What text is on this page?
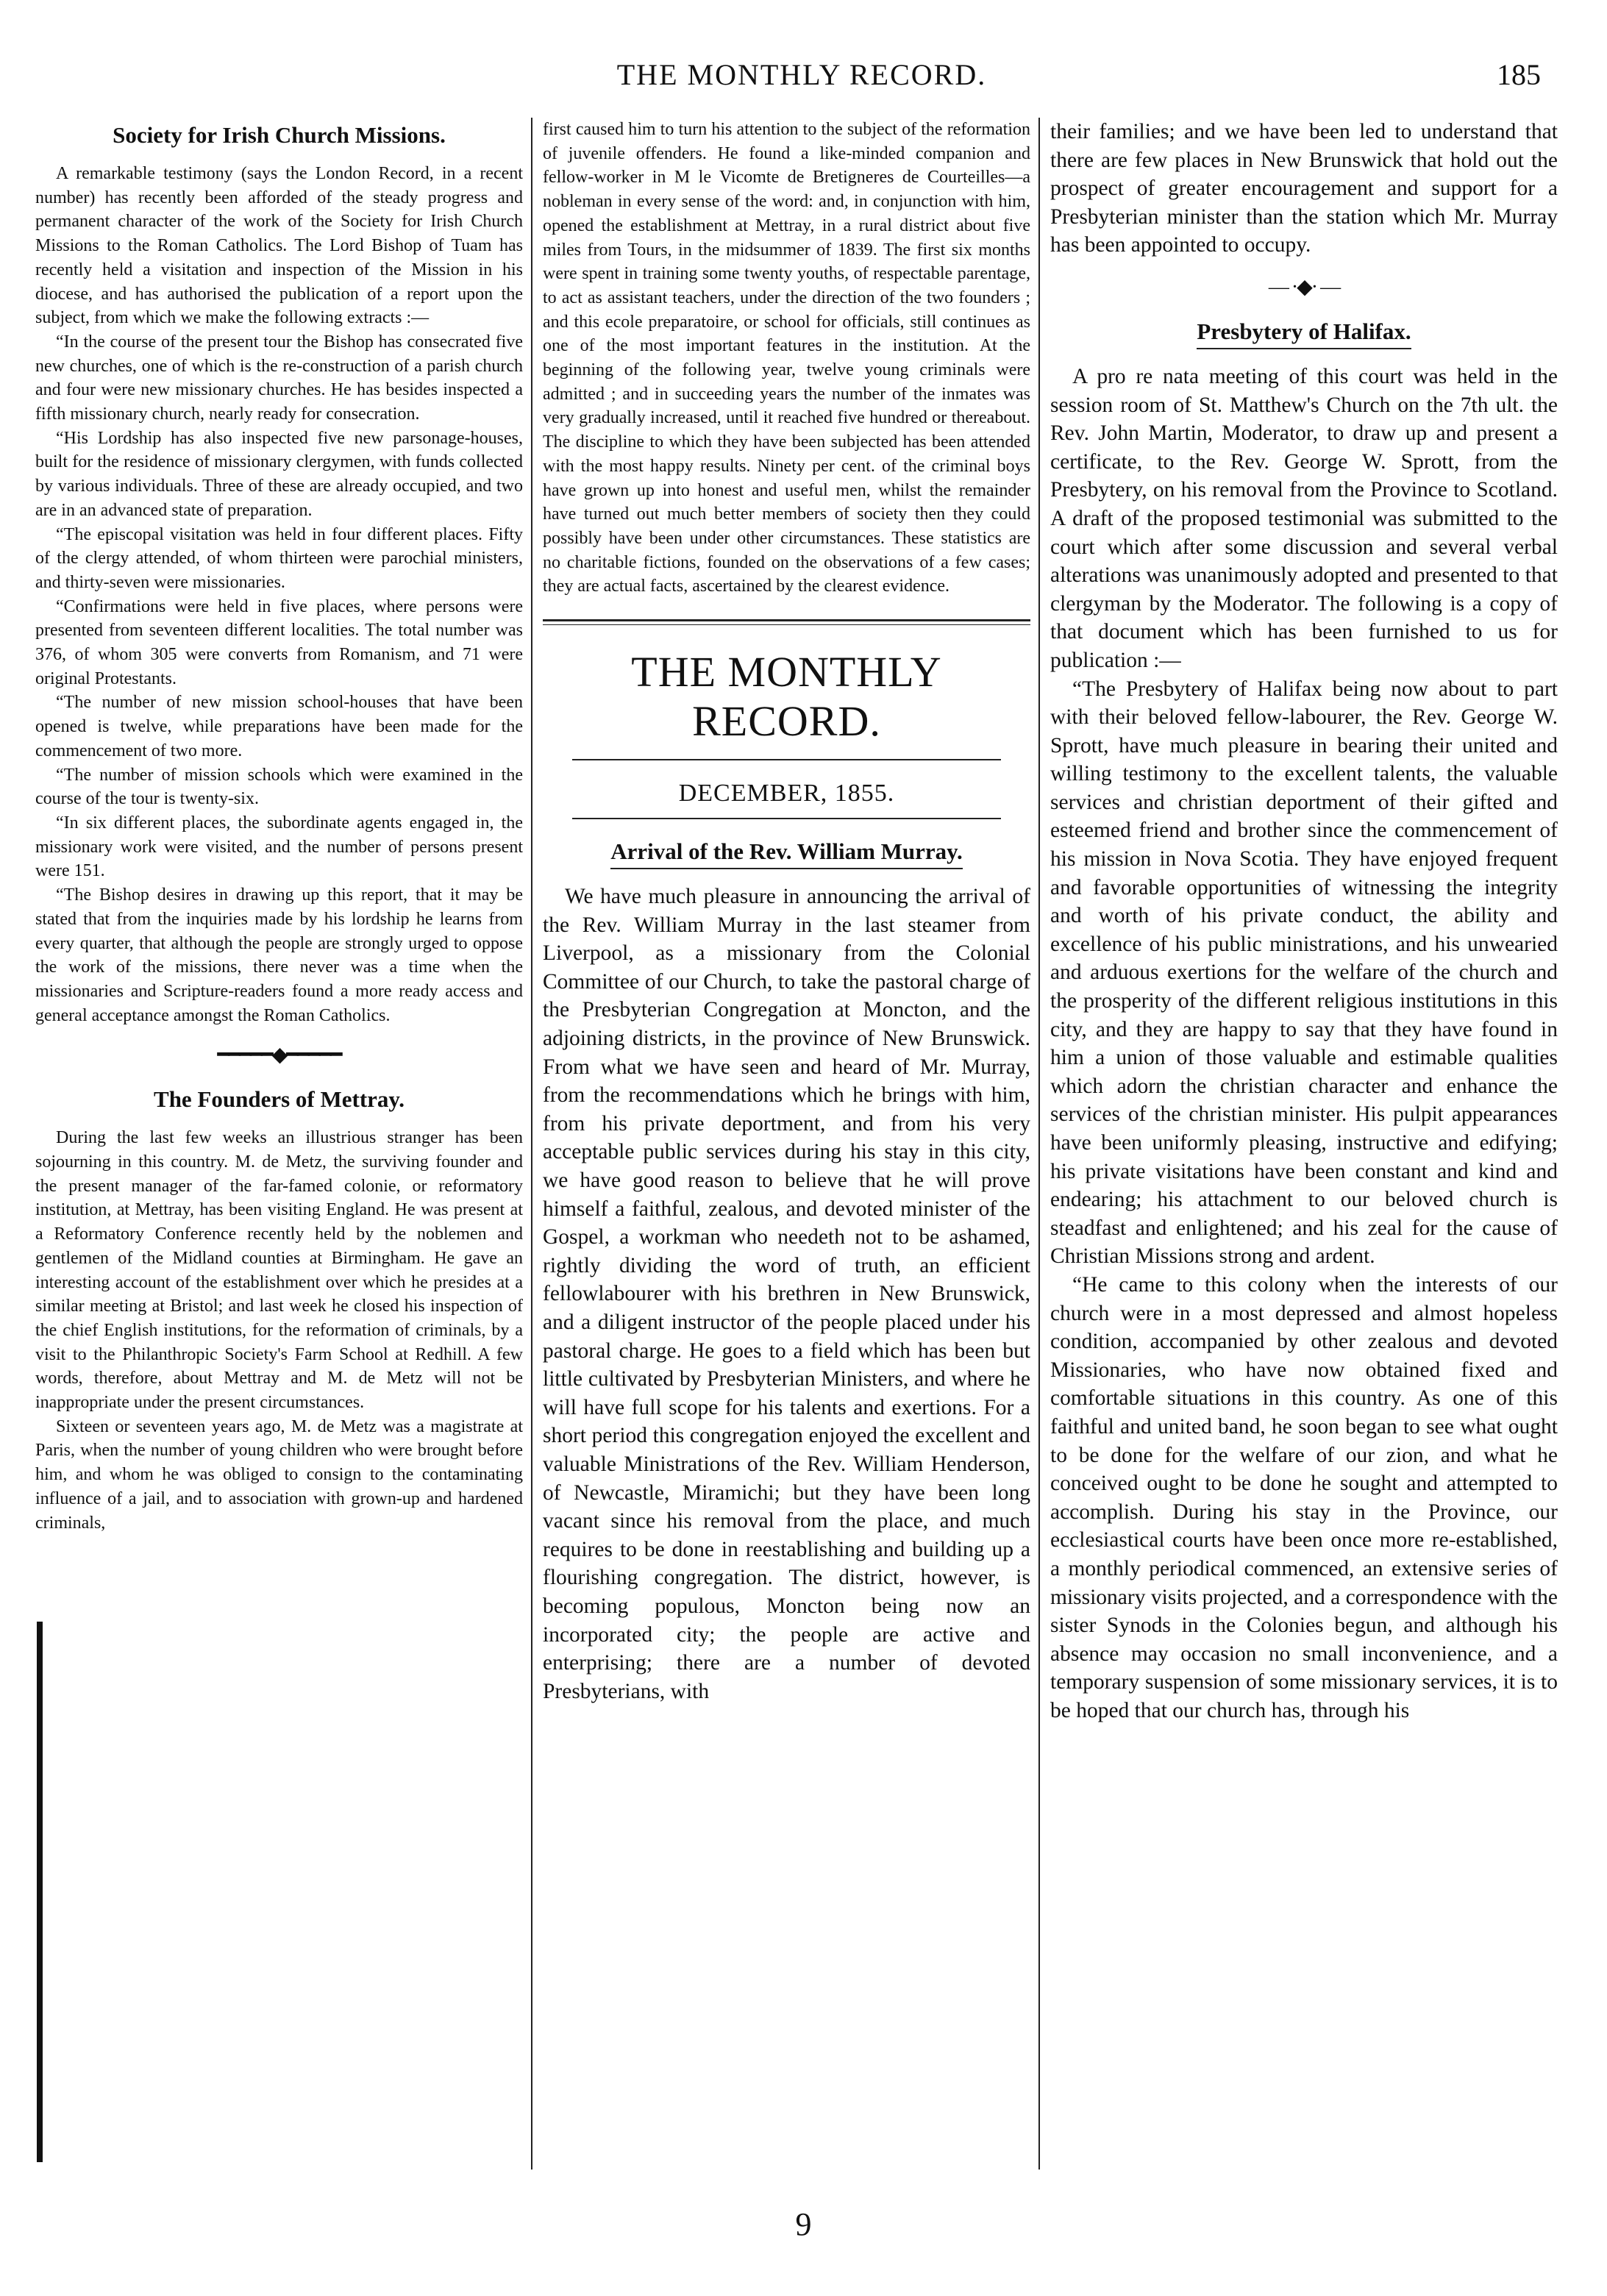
THE MONTHLY RECORD.	185
Society for Irish Church Missions.

A remarkable testimony (says the London Record, in a recent number) has recently been afforded of the steady progress and permanent character of the work of the Society for Irish Church Missions to the Roman Catholics. The Lord Bishop of Tuam has recently held a visitation and inspection of the Mission in his diocese, and has authorised the publication of a report upon the subject, from which we make the following extracts :—

“In the course of the present tour the Bishop has consecrated five new churches, one of which is the re-construction of a parish church and four were new missionary churches. He has besides inspected a fifth missionary church, nearly ready for consecration.

“His Lordship has also inspected five new parsonage-houses, built for the residence of missionary clergymen, with funds collected by various individuals. Three of these are already occupied, and two are in an advanced state of preparation.

“The episcopal visitation was held in four different places. Fifty of the clergy attended, of whom thirteen were parochial ministers, and thirty-seven were missionaries.

“Confirmations were held in five places, where persons were presented from seventeen different localities. The total number was 376, of whom 305 were converts from Romanism, and 71 were original Protestants.

“The number of new mission school-houses that have been opened is twelve, while preparations have been made for the commencement of two more.

“The number of mission schools which were examined in the course of the tour is twenty-six.

“In six different places, the subordinate agents engaged in, the missionary work were visited, and the number of persons present were 151.

“The Bishop desires in drawing up this report, that it may be stated that from the inquiries made by his lordship he learns from every quarter, that although the people are strongly urged to oppose the work of the missions, there never was a time when the missionaries and Scripture-readers found a more ready access and general acceptance amongst the Roman Catholics.

━━━━━◆━━━━━
The Founders of Mettray.

During the last few weeks an illustrious stranger has been sojourning in this country. M. de Metz, the surviving founder and the present manager of the far-famed colonie, or reformatory institution, at Mettray, has been visiting England. He was present at a Reformatory Conference recently held by the noblemen and gentlemen of the Midland counties at Birmingham. He gave an interesting account of the establishment over which he presides at a similar meeting at Bristol; and last week he closed his inspection of the chief English institutions, for the reformation of criminals, by a visit to the Philanthropic Society's Farm School at Redhill. A few words, therefore, about Mettray and M. de Metz will not be inappropriate under the present circumstances.

Sixteen or seventeen years ago, M. de Metz was a magistrate at Paris, when the number of young children who were brought before him, and whom he was obliged to consign to the contaminating influence of a jail, and to association with grown-up and hardened criminals,

first caused him to turn his attention to the subject of the reformation of juvenile offenders. He found a like-minded companion and fellow-worker in M le Vicomte de Bretigneres de Courteilles—a nobleman in every sense of the word: and, in conjunction with him, opened the establishment at Mettray, in a rural district about five miles from Tours, in the midsummer of 1839. The first six months were spent in training some twenty youths, of respectable parentage, to act as assistant teachers, under the direction of the two founders ; and this ecole preparatoire, or school for officials, still continues as one of the most important features in the institution. At the beginning of the following year, twelve young criminals were admitted ; and in succeeding years the number of the inmates was very gradually increased, until it reached five hundred or thereabout. The discipline to which they have been subjected has been attended with the most happy results. Ninety per cent. of the criminal boys have grown up into honest and useful men, whilst the remainder have turned out much better members of society then they could possibly have been under other circumstances. These statistics are no charitable fictions, founded on the observations of a few cases; they are actual facts, ascertained by the clearest evidence.

THE MONTHLY RECORD.
DECEMBER, 1855.
Arrival of the Rev. William Murray.

We have much pleasure in announcing the arrival of the Rev. William Murray in the last steamer from Liverpool, as a missionary from the Colonial Committee of our Church, to take the pastoral charge of the Presbyterian Congregation at Moncton, and the adjoining districts, in the province of New Brunswick. From what we have seen and heard of Mr. Murray, from the recommendations which he brings with him, from his private deportment, and from his very acceptable public services during his stay in this city, we have good reason to believe that he will prove himself a faithful, zealous, and devoted minister of the Gospel, a workman who needeth not to be ashamed, rightly dividing the word of truth, an efficient fellowlabourer with his brethren in New Brunswick, and a diligent instructor of the people placed under his pastoral charge. He goes to a field which has been but little cultivated by Presbyterian Ministers, and where he will have full scope for his talents and exertions. For a short period this congregation enjoyed the excellent and valuable Ministrations of the Rev. William Henderson, of Newcastle, Miramichi; but they have been long vacant since his removal from the place, and much requires to be done in reestablishing and building up a flourishing congregation. The district, however, is becoming populous, Moncton being now an incorporated city; the people are active and enterprising; there are a number of devoted Presbyterians, with

their families; and we have been led to understand that there are few places in New Brunswick that hold out the prospect of greater encouragement and support for a Presbyterian minister than the station which Mr. Murray has been appointed to occupy.

— ·◆· —
Presbytery of Halifax.

A pro re nata meeting of this court was held in the session room of St. Matthew's Church on the 7th ult. the Rev. John Martin, Moderator, to draw up and present a certificate, to the Rev. George W. Sprott, from the Presbytery, on his removal from the Province to Scotland. A draft of the proposed testimonial was submitted to the court which after some discussion and several verbal alterations was unanimously adopted and presented to that clergyman by the Moderator. The following is a copy of that document which has been furnished to us for publication :—

“The Presbytery of Halifax being now about to part with their beloved fellow-labourer, the Rev. George W. Sprott, have much pleasure in bearing their united and willing testimony to the excellent talents, the valuable services and christian deportment of their gifted and esteemed friend and brother since the commencement of his mission in Nova Scotia. They have enjoyed frequent and favorable opportunities of witnessing the integrity and worth of his private conduct, the ability and excellence of his public ministrations, and his unwearied and arduous exertions for the welfare of the church and the prosperity of the different religious institutions in this city, and they are happy to say that they have found in him a union of those valuable and estimable qualities which adorn the christian character and enhance the services of the christian minister. His pulpit appearances have been uniformly pleasing, instructive and edifying; his private visitations have been constant and kind and endearing; his attachment to our beloved church is steadfast and enlightened; and his zeal for the cause of Christian Missions strong and ardent.

“He came to this colony when the interests of our church were in a most depressed and almost hopeless condition, accompanied by other zealous and devoted Missionaries, who have now obtained fixed and comfortable situations in this country. As one of this faithful and united band, he soon began to see what ought to be done for the welfare of our zion, and what he conceived ought to be done he sought and attempted to accomplish. During his stay in the Province, our ecclesiastical courts have been once more re-established, a monthly periodical commenced, an extensive series of missionary visits projected, and a correspondence with the sister Synods in the Colonies begun, and although his absence may occasion no small inconvenience, and a temporary suspension of some missionary services, it is to be hoped that our church has, through his

9
